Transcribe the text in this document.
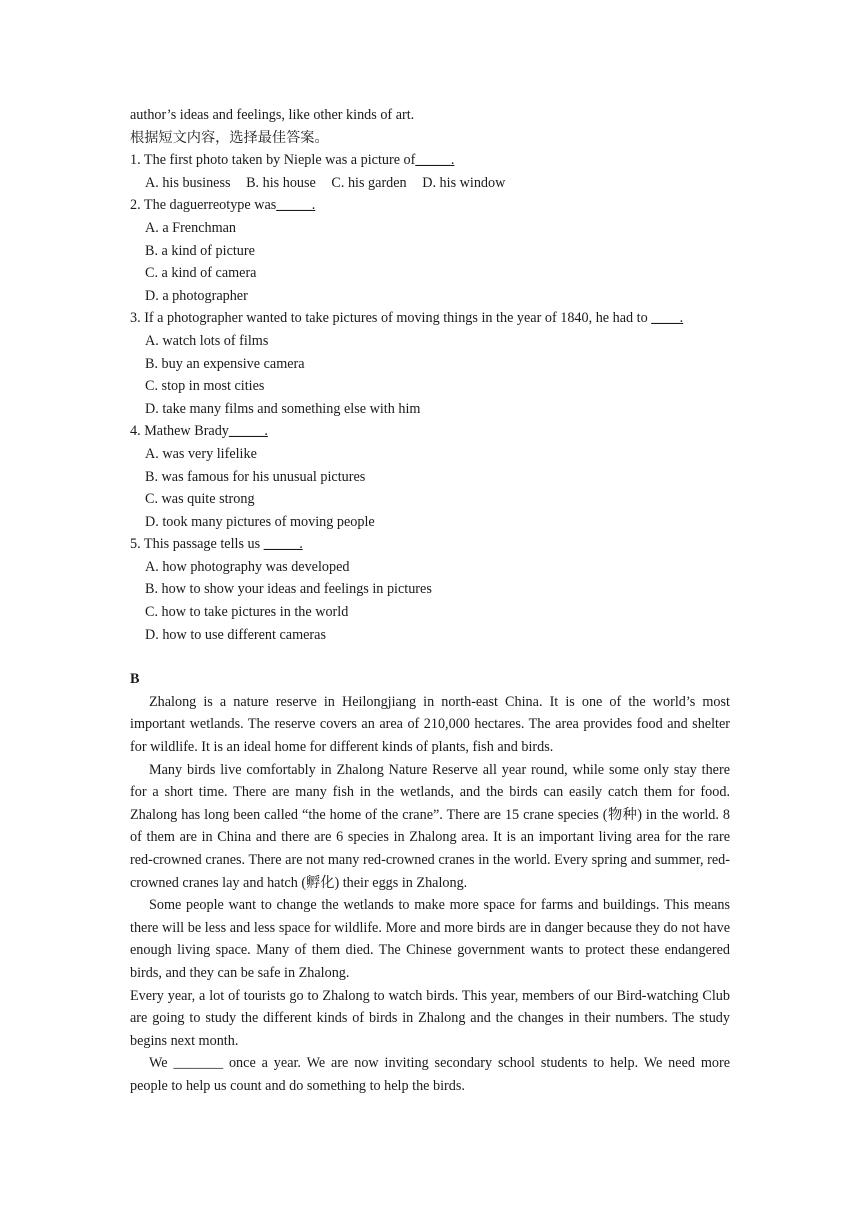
author’s ideas and feelings, like other kinds of art.
根据短文内容，选择最佳答案。
1. The first photo taken by Nieple was a picture of_____.
A. his business B. his house C. his garden D. his window
2. The daguerreotype was_____.
A. a Frenchman
B. a kind of picture
C. a kind of camera
D. a photographer
3. If a photographer wanted to take pictures of moving things in the year of 1840, he had to ____.
A. watch lots of films
B. buy an expensive camera
C. stop in most cities
D. take many films and something else with him
4. Mathew Brady_____.
A. was very lifelike
B. was famous for his unusual pictures
C. was quite strong
D. took many pictures of moving people
5. This passage tells us _____.
A. how photography was developed
B. how to show your ideas and feelings in pictures
C. how to take pictures in the world
D. how to use different cameras
B
Zhalong is a nature reserve in Heilongjiang in north-east China. It is one of the world’s most important wetlands. The reserve covers an area of 210,000 hectares. The area provides food and shelter for wildlife. It is an ideal home for different kinds of plants, fish and birds.
Many birds live comfortably in Zhalong Nature Reserve all year round, while some only stay there for a short time. There are many fish in the wetlands, and the birds can easily catch them for food. Zhalong has long been called “the home of the crane”. There are 15 crane species (物种) in the world. 8 of them are in China and there are 6 species in Zhalong area. It is an important living area for the rare red-crowned cranes. There are not many red-crowned cranes in the world. Every spring and summer, red-crowned cranes lay and hatch (孵化) their eggs in Zhalong.
Some people want to change the wetlands to make more space for farms and buildings. This means there will be less and less space for wildlife. More and more birds are in danger because they do not have enough living space. Many of them died. The Chinese government wants to protect these endangered birds, and they can be safe in Zhalong.
Every year, a lot of tourists go to Zhalong to watch birds. This year, members of our Bird-watching Club are going to study the different kinds of birds in Zhalong and the changes in their numbers. The study begins next month.
We _______ once a year. We are now inviting secondary school students to help. We need more people to help us count and do something to help the birds.
